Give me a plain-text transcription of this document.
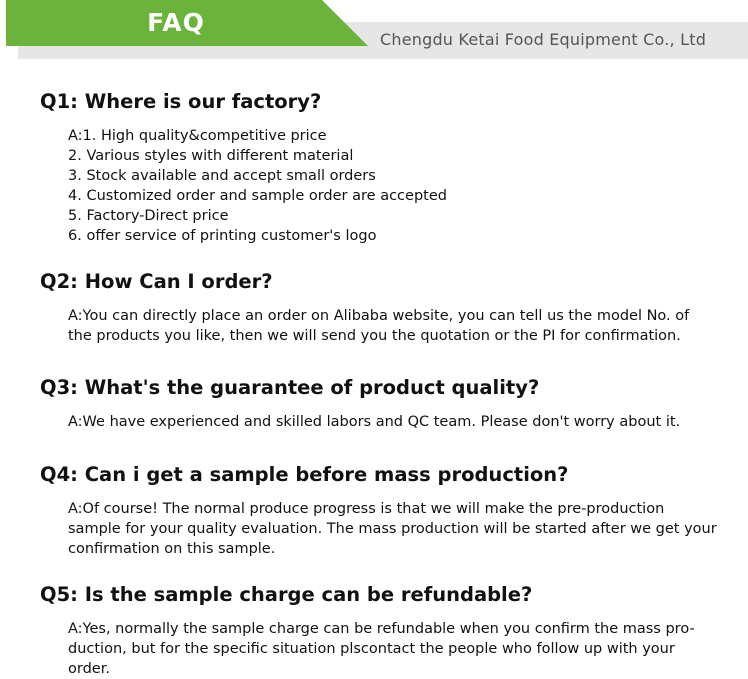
FAQ
Chengdu Ketai Food Equipment Co., Ltd
Q1: Where is our factory?

A:1. High quality&competitive price

2. Various styles with different material

3. Stock available and accept small orders

4. Customized order and sample order are accepted

5. Factory-Direct price

6. offer service of printing customer's logo

Q2: How Can I order?

A:You can directly place an order on Alibaba website, you can tell us the model No. of

the products you like, then we will send you the quotation or the PI for confirmation.

Q3: What's the guarantee of product quality?

A:We have experienced and skilled labors and QC team. Please don't worry about it.

Q4: Can i get a sample before mass production?

A:Of course! The normal produce progress is that we will make the pre-production

sample for your quality evaluation. The mass production will be started after we get your

confirmation on this sample.

Q5: Is the sample charge can be refundable?

A:Yes, normally the sample charge can be refundable when you confirm the mass pro-

duction, but for the specific situation plscontact the people who follow up with your

order.
